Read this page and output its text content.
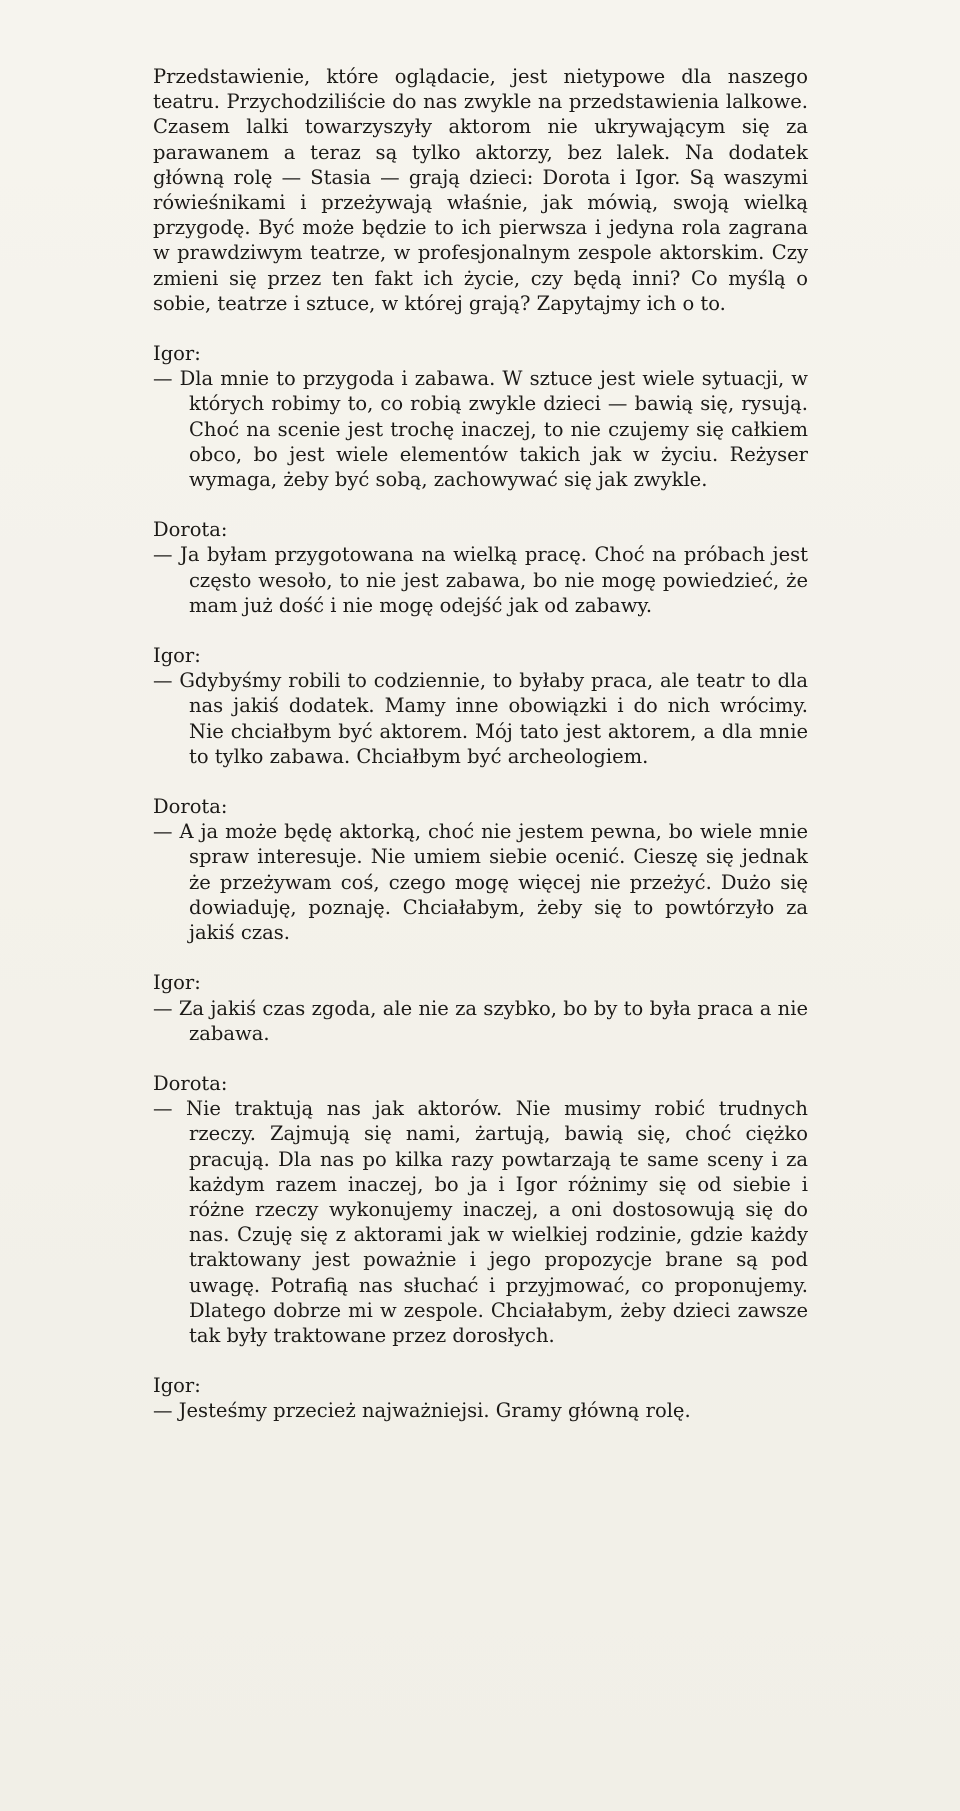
Przedstawienie, które oglądacie, jest nietypowe dla naszego teatru. Przychodziliście do nas zwykle na przedstawienia lalkowe. Czasem lalki towarzyszyły aktorom nie ukrywającym się za parawanem a teraz są tylko aktorzy, bez lalek. Na dodatek główną rolę — Stasia — grają dzieci: Dorota i Igor. Są waszymi rówieśnikami i przeżywają właśnie, jak mówią, swoją wielką przygodę. Być może będzie to ich pierwsza i jedyna rola zagrana w prawdziwym teatrze, w profesjonalnym zespole aktorskim. Czy zmieni się przez ten fakt ich życie, czy będą inni? Co myślą o sobie, teatrze i sztuce, w której grają? Zapytajmy ich o to.

Igor:

— Dla mnie to przygoda i zabawa. W sztuce jest wiele sytuacji, w których robimy to, co robią zwykle dzieci — bawią się, rysują. Choć na scenie jest trochę inaczej, to nie czujemy się całkiem obco, bo jest wiele elementów takich jak w życiu. Reżyser wymaga, żeby być sobą, zachowywać się jak zwykle.

Dorota:

— Ja byłam przygotowana na wielką pracę. Choć na próbach jest często wesoło, to nie jest zabawa, bo nie mogę powiedzieć, że mam już dość i nie mogę odejść jak od zabawy.

Igor:

— Gdybyśmy robili to codziennie, to byłaby praca, ale teatr to dla nas jakiś dodatek. Mamy inne obowiązki i do nich wrócimy. Nie chciałbym być aktorem. Mój tato jest aktorem, a dla mnie to tylko zabawa. Chciałbym być archeologiem.

Dorota:

— A ja może będę aktorką, choć nie jestem pewna, bo wiele mnie spraw interesuje. Nie umiem siebie ocenić. Cieszę się jednak że przeżywam coś, czego mogę więcej nie przeżyć. Dużo się dowiaduję, poznaję. Chciałabym, żeby się to powtórzyło za jakiś czas.

Igor:

— Za jakiś czas zgoda, ale nie za szybko, bo by to była praca a nie zabawa.

Dorota:

— Nie traktują nas jak aktorów. Nie musimy robić trudnych rzeczy. Zajmują się nami, żartują, bawią się, choć ciężko pracują. Dla nas po kilka razy powtarzają te same sceny i za każdym razem inaczej, bo ja i Igor różnimy się od siebie i różne rzeczy wykonujemy inaczej, a oni dostosowują się do nas. Czuję się z aktorami jak w wielkiej rodzinie, gdzie każdy traktowany jest poważnie i jego propozycje brane są pod uwagę. Potrafią nas słuchać i przyjmować, co proponujemy. Dlatego dobrze mi w zespole. Chciałabym, żeby dzieci zawsze tak były traktowane przez dorosłych.

Igor:

— Jesteśmy przecież najważniejsi. Gramy główną rolę.
